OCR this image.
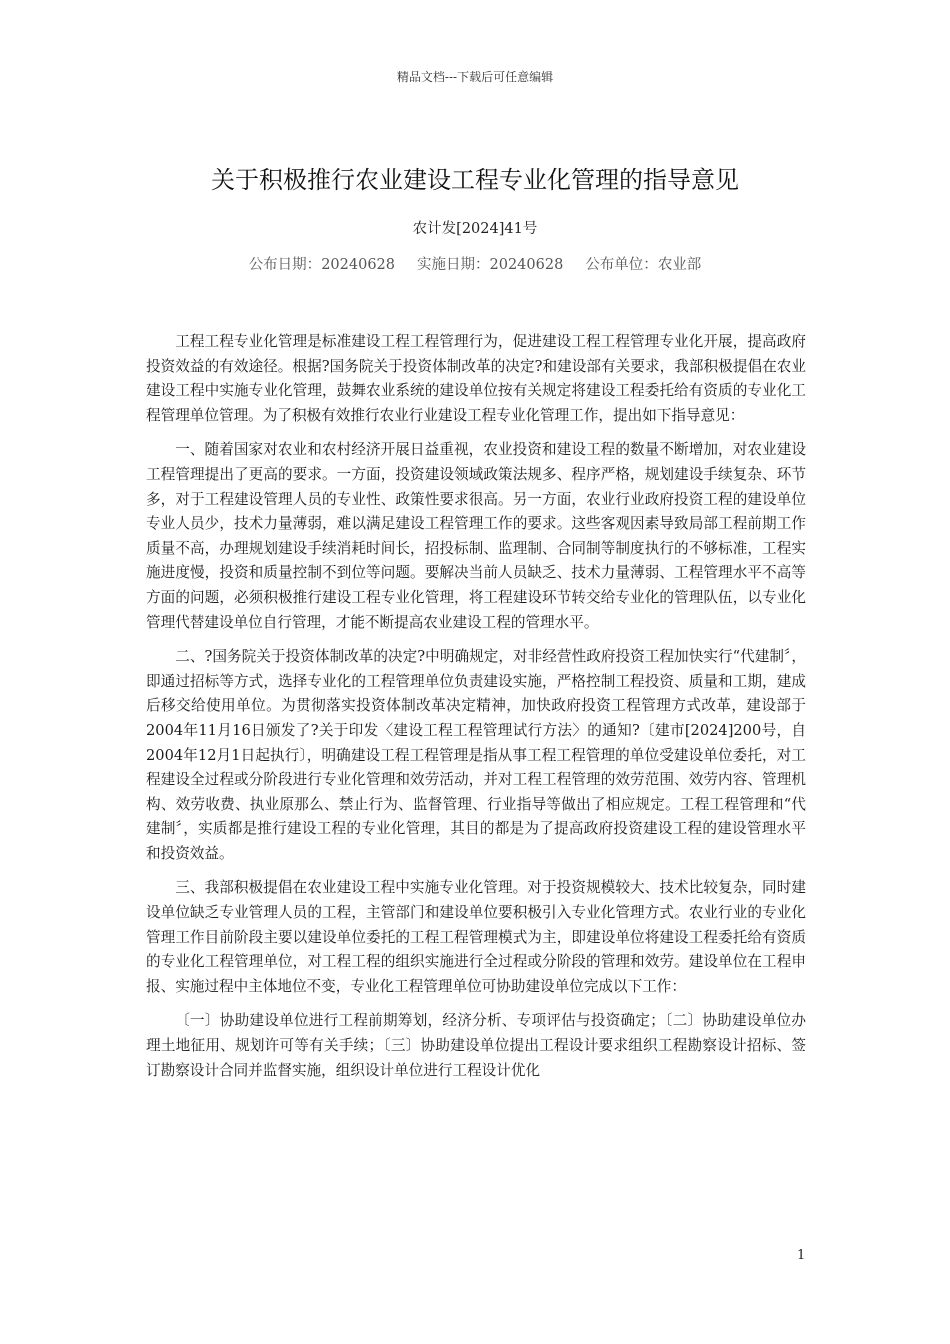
精品文档---下载后可任意编辑
关于积极推行农业建设工程专业化管理的指导意见
农计发[2024]41号
公布日期：20240628 实施日期：20240628 公布单位：农业部

工程工程专业化管理是标准建设工程工程管理行为，促进建设工程工程管理专业化开展，提高政府投资效益的有效途径。根据?国务院关于投资体制改革的决定?和建设部有关要求，我部积极提倡在农业建设工程中实施专业化管理，鼓舞农业系统的建设单位按有关规定将建设工程委托给有资质的专业化工程管理单位管理。为了积极有效推行农业行业建设工程专业化管理工作，提出如下指导意见：

一、随着国家对农业和农村经济开展日益重视，农业投资和建设工程的数量不断增加，对农业建设工程管理提出了更高的要求。一方面，投资建设领域政策法规多、程序严格，规划建设手续复杂、环节多，对于工程建设管理人员的专业性、政策性要求很高。另一方面，农业行业政府投资工程的建设单位专业人员少，技术力量薄弱，难以满足建设工程管理工作的要求。这些客观因素导致局部工程前期工作质量不高，办理规划建设手续消耗时间长，招投标制、监理制、合同制等制度执行的不够标准，工程实施进度慢，投资和质量控制不到位等问题。要解决当前人员缺乏、技术力量薄弱、工程管理水平不高等方面的问题，必须积极推行建设工程专业化管理，将工程建设环节转交给专业化的管理队伍，以专业化管理代替建设单位自行管理，才能不断提高农业建设工程的管理水平。

二、?国务院关于投资体制改革的决定?中明确规定，对非经营性政府投资工程加快实行“代建制〞，即通过招标等方式，选择专业化的工程管理单位负责建设实施，严格控制工程投资、质量和工期，建成后移交给使用单位。为贯彻落实投资体制改革决定精神，加快政府投资工程管理方式改革，建设部于2004年11月16日颁发了?关于印发〈建设工程工程管理试行方法〉的通知?〔建市[2024]200号，自2004年12月1日起执行〕，明确建设工程工程管理是指从事工程工程管理的单位受建设单位委托，对工程建设全过程或分阶段进行专业化管理和效劳活动，并对工程工程管理的效劳范围、效劳内容、管理机构、效劳收费、执业原那么、禁止行为、监督管理、行业指导等做出了相应规定。工程工程管理和“代建制〞，实质都是推行建设工程的专业化管理，其目的都是为了提高政府投资建设工程的建设管理水平和投资效益。

三、我部积极提倡在农业建设工程中实施专业化管理。对于投资规模较大、技术比较复杂，同时建设单位缺乏专业管理人员的工程，主管部门和建设单位要积极引入专业化管理方式。农业行业的专业化管理工作目前阶段主要以建设单位委托的工程工程管理模式为主，即建设单位将建设工程委托给有资质的专业化工程管理单位，对工程工程的组织实施进行全过程或分阶段的管理和效劳。建设单位在工程申报、实施过程中主体地位不变，专业化工程管理单位可协助建设单位完成以下工作：

〔一〕协助建设单位进行工程前期筹划，经济分析、专项评估与投资确定；〔二〕协助建设单位办理土地征用、规划许可等有关手续；〔三〕协助建设单位提出工程设计要求组织工程勘察设计招标、签订勘察设计合同并监督实施，组织设计单位进行工程设计优化

1
